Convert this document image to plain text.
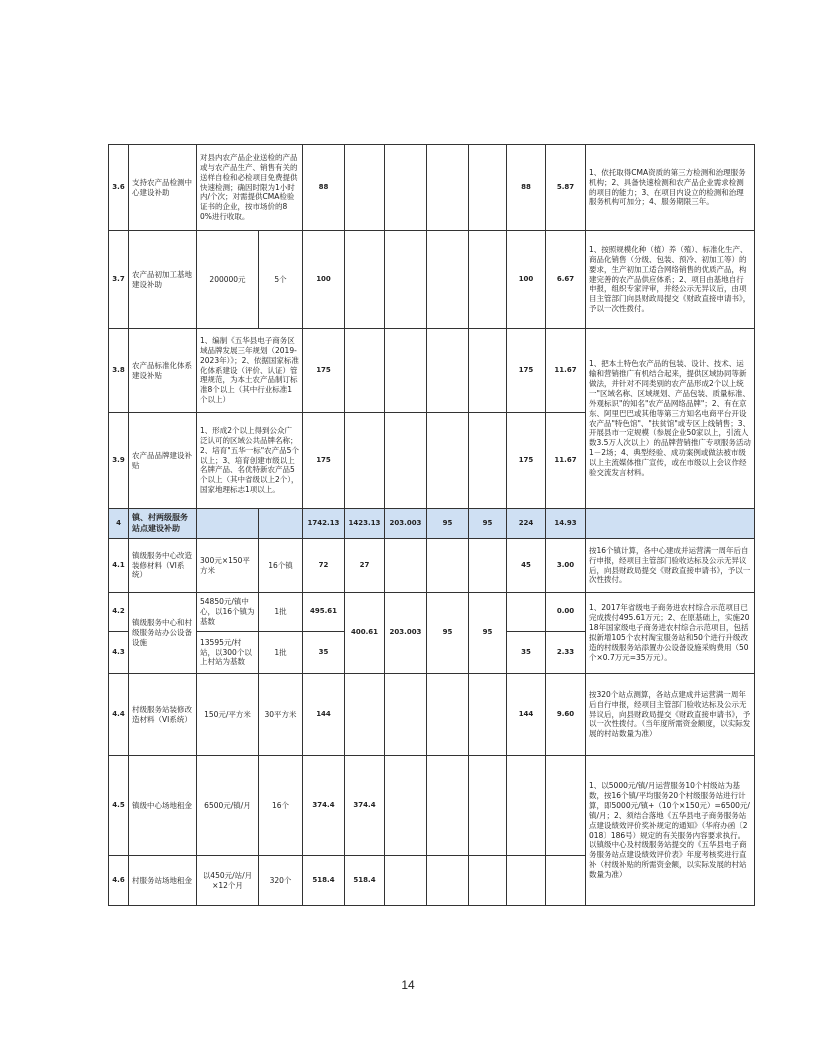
3.6	支持农产品检测中心建设补助	对县内农产品企业送检的产品或与农产品生产、销售有关的送样自检和必检项目免费提供快速检测；确因时限为1小时内/个次；对需提供CMA检验证书的企业，按市场价的80%进行收取。		88					88	5.87	1、依托取得CMA资质的第三方检测和治理服务机构；2、具备快速检测和农产品企业需求检测的项目的能力；3、在项目内设立的检测和治理服务机构可加分；4、服务期限三年。
3.7	农产品初加工基地建设补助	200000元	5个	100					100	6.67	1、按照规模化种（植）养（殖）、标准化生产、商品化销售（分级、包装、预冷、初加工等）的要求，生产初加工适合网络销售的优质产品，构建完善的农产品供应体系；2、项目由基地自行申报，组织专家评审，并经公示无异议后，由项目主管部门向县财政局提交《财政直接申请书》，予以一次性拨付。
3.8	农产品标准化体系建设补贴	1、编制《五华县电子商务区域品牌发展三年规划（2019-2023年）》；2、依据国家标准化体系建设（评价、认证）管理规范，为本土农产品制订标准8个以上（其中行业标准1个以上）		175					175	11.67	1、把本土特色农产品的包装、设计、技术、运输和营销推广有机结合起来，提供区域协同等新做法，并针对不同类别的农产品形成2个以上统一"区域名称、区域规划、产品包装、质量标准、外观标识"的知名"农产品网络品牌"；2、有在京东、阿里巴巴或其他等第三方知名电商平台开设农产品"特色馆"、"扶贫馆"或专区上线销售；3、开展县市一定规模（参展企业50家以上，引流人数3.5万人次以上）的品牌营销推广专项服务活动1－2场；4、典型经验、成功案例或做法被市级以上主流媒体推广宣传，或在市级以上会议作经验交流发言材料。
3.9	农产品品牌建设补贴	1、形成2个以上得到公众广泛认可的区域公共品牌名称；2、培育"五华一标"农产品5个以上；3、培育创建市级以上名牌产品、名优特新农产品5个以上（其中省级以上2个），国家地理标志1项以上。		175					175	11.67	
4	镇、村两级服务站点建设补助			1742.13	1423.13	203.003	95	95	224	14.93	
4.1	镇级服务中心改造装修材料（VI系统）	300元×150平方米	16个镇	72	27				45	3.00	按16个镇计算，各中心建成并运营满一周年后自行申报，经项目主管部门验收达标及公示无异议后，向县财政局提交《财政直接申请书》，予以一次性拨付。
4.2	镇级服务中心和村级服务站办公设备设施	54850元/镇中心，以16个镇为基数	1批	495.61	400.61	203.003	95	95		0.00	1、2017年省级电子商务进农村综合示范项目已完成拨付495.61万元；2、在原基础上，实施2018年国家级电子商务进农村综合示范项目，包括拟新增105个农村淘宝服务站和50个进行升级改造的村级服务站添置办公设备设施采购费用（50个×0.7万元=35万元）。
4.3		13595元/村站，以300个以上村站为基数	1批	35					35	2.33	
4.4	村级服务站装修改造材料（VI系统）	150元/平方米	30平方米	144					144	9.60	按320个站点测算，各站点建成并运营满一周年后自行申报，经项目主管部门验收达标及公示无异议后，向县财政局提交《财政直接申请书》，予以一次性拨付。（当年度所需资金额度，以实际发展的村站数量为准）
4.5	镇级中心场地租金	6500元/镇/月	16个	374.4	374.4						1、以5000元/镇/月运营服务10个村级站为基数，按16个镇/平均服务20个村级服务站进行计算，即5000元/镇+（10个×150元）=6500元/镇/月；2、须结合落地《五华县电子商务服务站点建设绩效评价奖补规定的通知》（华府办函〔2018〕186号）规定的有关服务内容要求执行。以镇级中心及村级服务站提交的《五华县电子商务服务站点建设绩效评价表》年度考核奖进行直补（村级补贴的所需资金额，以实际发展的村站数量为准）
4.6	村服务站场地租金	以450元/站/月×12个月	320个	518.4	518.4						
14
